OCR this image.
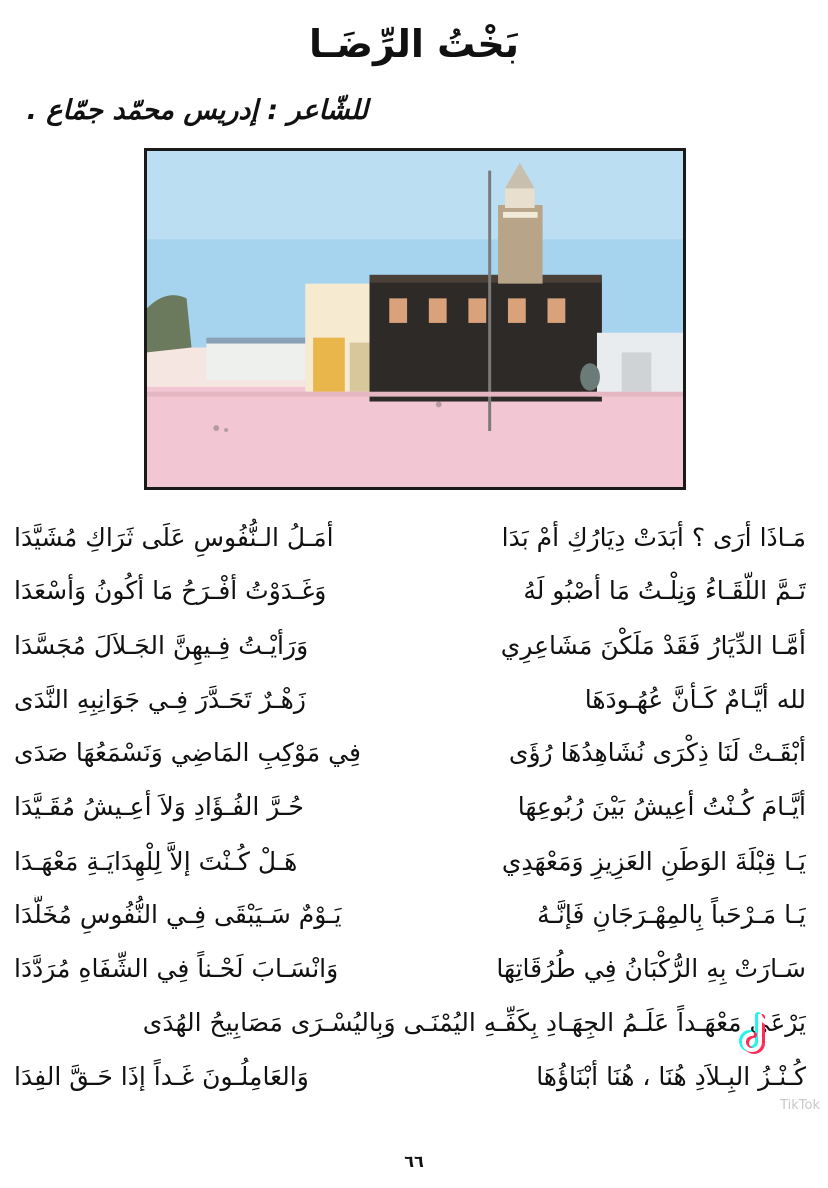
بَخْتُ الرِّضَـا
للشّاعر : إدريس محمّد جمّاع .
مَـاذَا أرَى ؟ أبَدَتْ دِيَارُكِ أمْ بَدَا
أمَـلُ الـنُّفُوسِ عَلَى ثَرَاكِ مُشَيَّدَا
تَـمَّ اللّقَـاءُ وَنِلْـتُ مَا أصْبُو لَهُ
وَغَـدَوْتُ أفْـرَحُ مَا أكُونُ وَأسْعَدَا
أمَّـا الدِّيَارُ فَقَدْ مَلَكْنَ مَشَاعِرِي
وَرَأيْـتُ فِـيهِنَّ الجَـلاَلَ مُجَسَّدَا
لله أيَّـامٌ كَـأنَّ عُهُـودَهَا
زَهْـرٌ تَحَـدَّرَ فِـي جَوَانِبِهِ النَّدَى
أبْقَـتْ لَنَا ذِكْرَى نُشَاهِدُهَا رُؤَى
فِي مَوْكِبِ المَاضِي وَنَسْمَعُهَا صَدَى
أيَّـامَ كُـنْتُ أعِيشُ بَيْنَ رُبُوعِهَا
حُـرَّ الفُـؤَادِ وَلاَ أعِـيشُ مُقَـيَّدَا
يَـا قِبْلَةَ الوَطَنِ العَزِيزِ وَمَعْهَدِي
هَـلْ كُـنْتَ إلاَّ لِلْهِدَايَـةِ مَعْهَـدَا
يَـا مَـرْحَباً بِالمِهْـرَجَانِ فَإنَّـهُ
يَـوْمٌ سَـيَبْقَى فِـي النُّفُوسِ مُخَلَّدَا
سَـارَتْ بِهِ الرُّكْبَانُ فِي طُرُقَاتِهَا
وَانْسَـابَ لَحْـناً فِي الشِّفَاهِ مُرَدَّدَا
يَرْعَى مَعْهَـداً عَلَـمُ الجِهَـادِ بِكَفِّـهِ اليُمْنَـى وَبِاليُسْـرَى مَصَابِيحُ الهُدَى
كُـنْـزُ البِـلاَدِ هُنَا ، هُنَا أبْنَاؤُهَا
وَالعَامِلُـونَ غَـداً إذَا حَـقَّ الفِدَا
TikTok
٦٦
